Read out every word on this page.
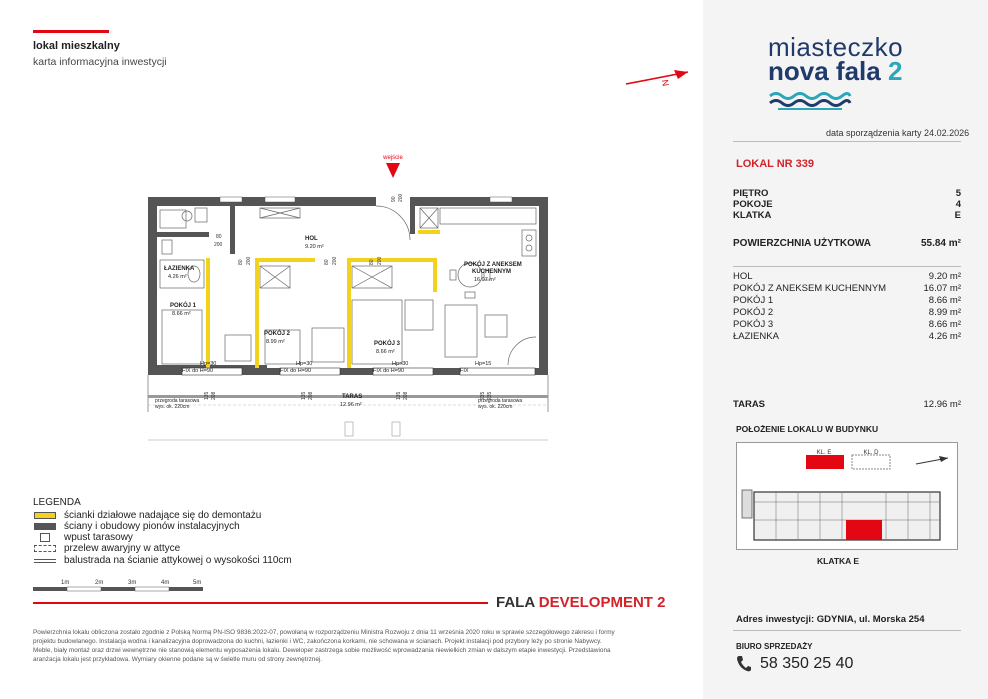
lokal mieszkalny
karta informacyjna inwestycji
N
miasteczko
nova fala 2
data sporządzenia karty 24.02.2026
LOKAL NR 339
PIĘTRO	5
POKOJE	4
KLATKA	E
POWIERZCHNIA UŻYTKOWA	55.84 m²
HOL	9.20 m²
POKÓJ Z ANEKSEM KUCHENNYM	16.07 m²
POKÓJ 1	8.66 m²
POKÓJ 2	8.99 m²
POKÓJ 3	8.66 m²
ŁAZIENKA	4.26 m²
TARAS	12.96 m²
POŁOŻENIE LOKALU W BUDYNKU
KL. E	KL. D
KLATKA E
Adres inwestycji: GDYNIA, ul. Morska 254
BIURO SPRZEDAŻY
58 350 25 40
wejście
90 200
80
200
80 200	80 200	80 200
135 208	135 208	135 208	235 235
HOL
9.20 m²
ŁAZIENKA
4.26 m²
POKÓJ 1
8.66 m²
POKÓJ 2
8.99 m²	POKÓJ 3
8.66 m²
POKÓJ Z ANEKSEM
KUCHENNYM
16.07 m²
TARAS
12.96 m²
przegroda tarasowa
wys. ok. 220cm
przegroda tarasowa
wys. ok. 220cm
FIX do H=90	FIX do H=90	FIX do H=90	FIX
Hp=30	Hp=30	Hp=30	Hp=15
LEGENDA
ścianki działowe nadające się do demontażu
ściany i obudowy pionów instalacyjnych
wpust tarasowy
przelew awaryjny w attyce
balustrada na ścianie attykowej o wysokości 110cm
1m	2m	3m	4m	5m
FALA DEVELOPMENT 2
Powierzchnia lokalu obliczona zostało zgodnie z Polską Normą PN-ISO 9836:2022-07, powołaną w rozporządzeniu Ministra Rozwoju z dnia 11 września 2020 roku w sprawie szczegółowego zakresu i formy
projektu budowlanego. Instalacja wodna i kanalizacyjna doprowadzona do kuchni, łazienki i WC, zakończona korkami, nie schowana w ścianach. Projekt instalacji pod przybory leży po stronie Nabywcy.
Meble, biały montaż oraz drzwi wewnętrzne nie stanowią elementu wyposażenia lokalu. Deweloper zastrzega sobie możliwość wprowadzania niewielkich zmian w dalszym etapie inwestycji. Przedstawiona
aranżacja lokalu jest przykładowa. Wymiary okienne podane są w świetle muru od strony zewnętrznej.
